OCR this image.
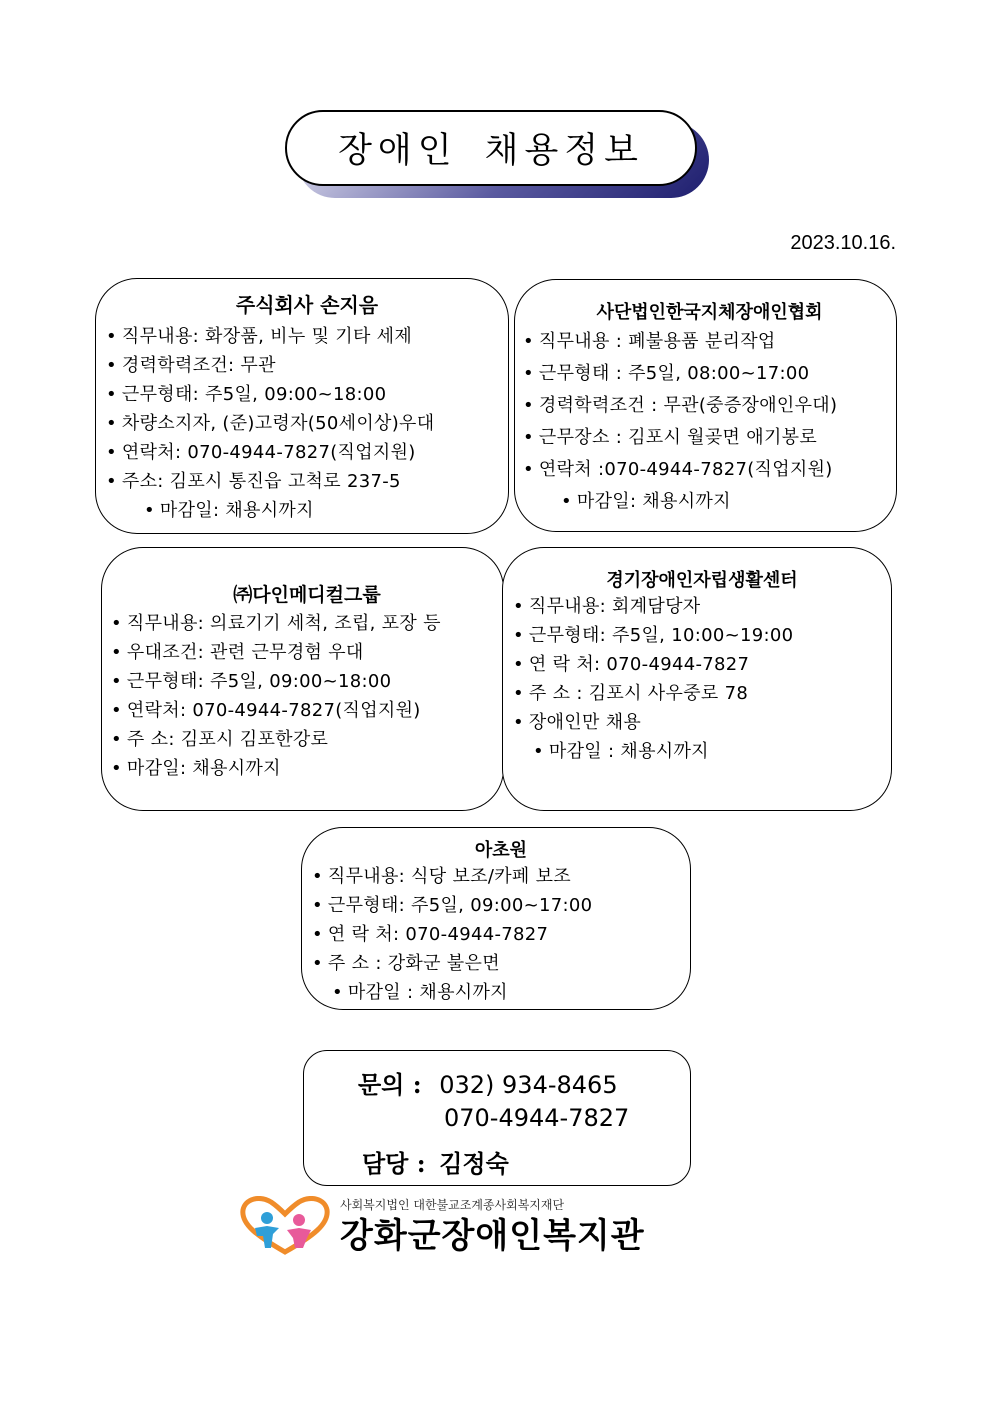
장애인 채용정보
2023.10.16.
주식회사 손지음
• 직무내용: 화장품, 비누 및 기타 세제
• 경력학력조건: 무관
• 근무형태: 주5일, 09:00~18:00
• 차량소지자, (준)고령자(50세이상)우대
• 연락처: 070-4944-7827(직업지원)
• 주소: 김포시 통진읍 고척로 237-5
• 마감일: 채용시까지
사단법인한국지체장애인협회
• 직무내용 : 폐불용품 분리작업
• 근무형태 : 주5일, 08:00~17:00
• 경력학력조건 : 무관(중증장애인우대)
• 근무장소 : 김포시 월곶면 애기봉로
• 연락처 :070-4944-7827(직업지원)
• 마감일: 채용시까지
㈜다인메디컬그룹
• 직무내용: 의료기기 세척, 조립, 포장 등
• 우대조건: 관련 근무경험 우대
• 근무형태: 주5일, 09:00~18:00
• 연락처: 070-4944-7827(직업지원)
• 주 소: 김포시 김포한강로
• 마감일: 채용시까지
경기장애인자립생활센터
• 직무내용: 회계담당자
• 근무형태: 주5일, 10:00~19:00
• 연 락 처: 070-4944-7827
• 주 소 : 김포시 사우중로 78
• 장애인만 채용
• 마감일 : 채용시까지
아초원
• 직무내용: 식당 보조/카페 보조
• 근무형태: 주5일, 09:00~17:00
• 연 락 처: 070-4944-7827
• 주 소 : 강화군 불은면
• 마감일 : 채용시까지
문의 : 032) 934-8465
070-4944-7827
담당 : 김정숙
사회복지법인 대한불교조계종사회복지재단
강화군장애인복지관
